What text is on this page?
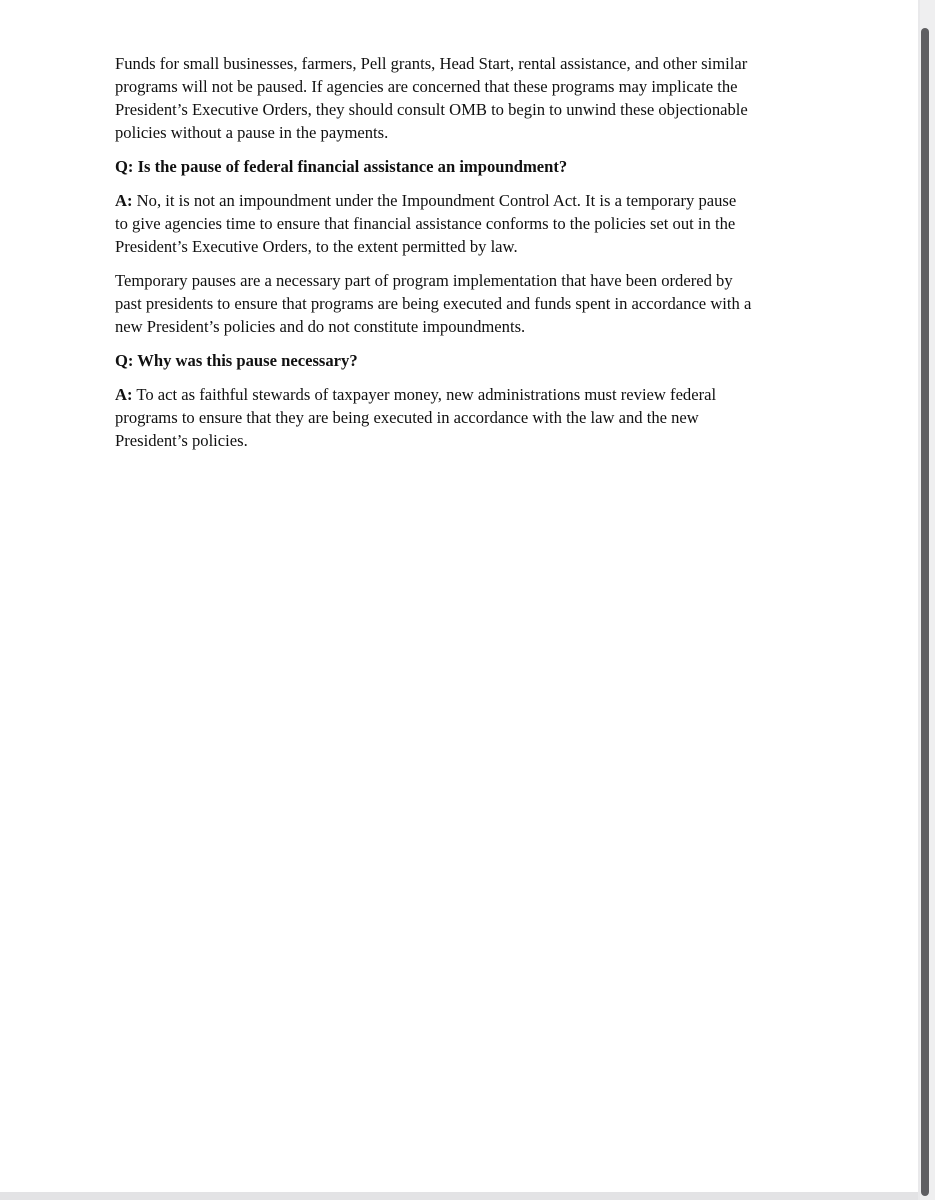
Funds for small businesses, farmers, Pell grants, Head Start, rental assistance, and other similar
programs will not be paused. If agencies are concerned that these programs may implicate the
President’s Executive Orders, they should consult OMB to begin to unwind these objectionable
policies without a pause in the payments.

Q: Is the pause of federal financial assistance an impoundment?

A: No, it is not an impoundment under the Impoundment Control Act. It is a temporary pause
to give agencies time to ensure that financial assistance conforms to the policies set out in the
President’s Executive Orders, to the extent permitted by law.

Temporary pauses are a necessary part of program implementation that have been ordered by
past presidents to ensure that programs are being executed and funds spent in accordance with a
new President’s policies and do not constitute impoundments.

Q: Why was this pause necessary?

A: To act as faithful stewards of taxpayer money, new administrations must review federal
programs to ensure that they are being executed in accordance with the law and the new
President’s policies.
